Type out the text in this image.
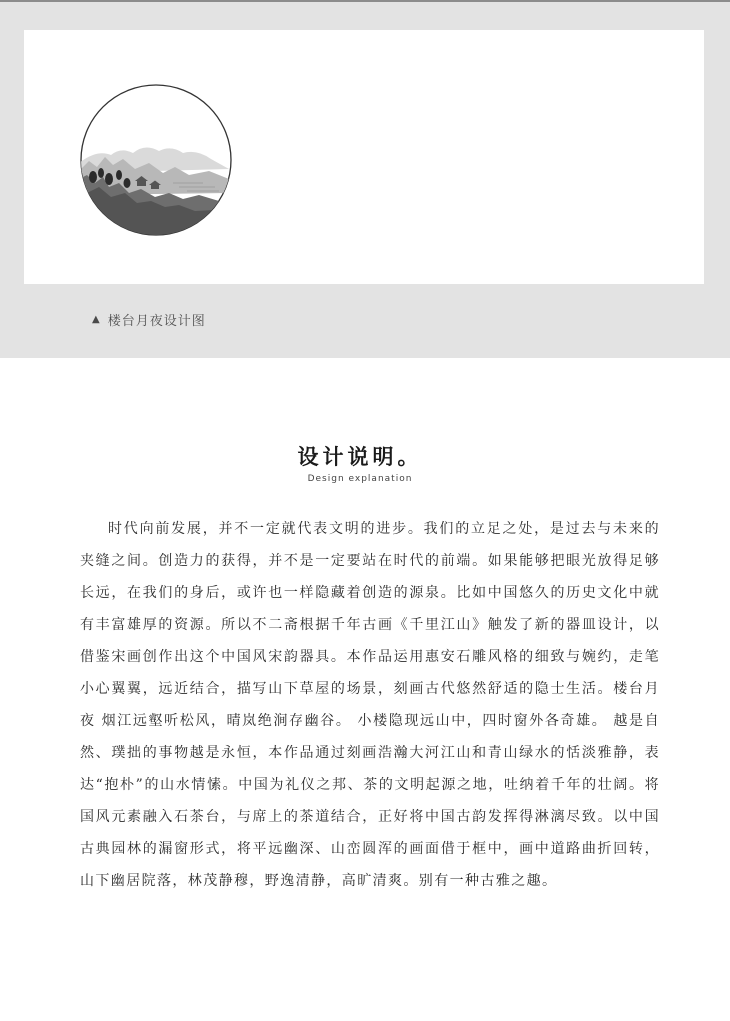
▲ 楼台月夜设计图
设计说明。
Design explanation

时代向前发展，并不一定就代表文明的进步。我们的立足之处，是过去与未来的夹缝之间。创造力的获得，并不是一定要站在时代的前端。如果能够把眼光放得足够长远，在我们的身后，或许也一样隐藏着创造的源泉。比如中国悠久的历史文化中就有丰富雄厚的资源。所以不二斋根据千年古画《千里江山》触发了新的器皿设计，以借鉴宋画创作出这个中国风宋韵器具。本作品运用惠安石雕风格的细致与婉约，走笔小心翼翼，远近结合，描写山下草屋的场景，刻画古代悠然舒适的隐士生活。楼台月夜 烟江远壑听松风，晴岚绝涧存幽谷。 小楼隐现远山中，四时窗外各奇雄。 越是自然、璞拙的事物越是永恒，本作品通过刻画浩瀚大河江山和青山绿水的恬淡雅静，表达“抱朴”的山水情愫。中国为礼仪之邦、茶的文明起源之地，吐纳着千年的壮阔。将国风元素融入石茶台，与席上的茶道结合，正好将中国古韵发挥得淋漓尽致。以中国古典园林的漏窗形式，将平远幽深、山峦圆浑的画面借于框中，画中道路曲折回转，山下幽居院落，林茂静穆，野逸清静，高旷清爽。别有一种古雅之趣。
